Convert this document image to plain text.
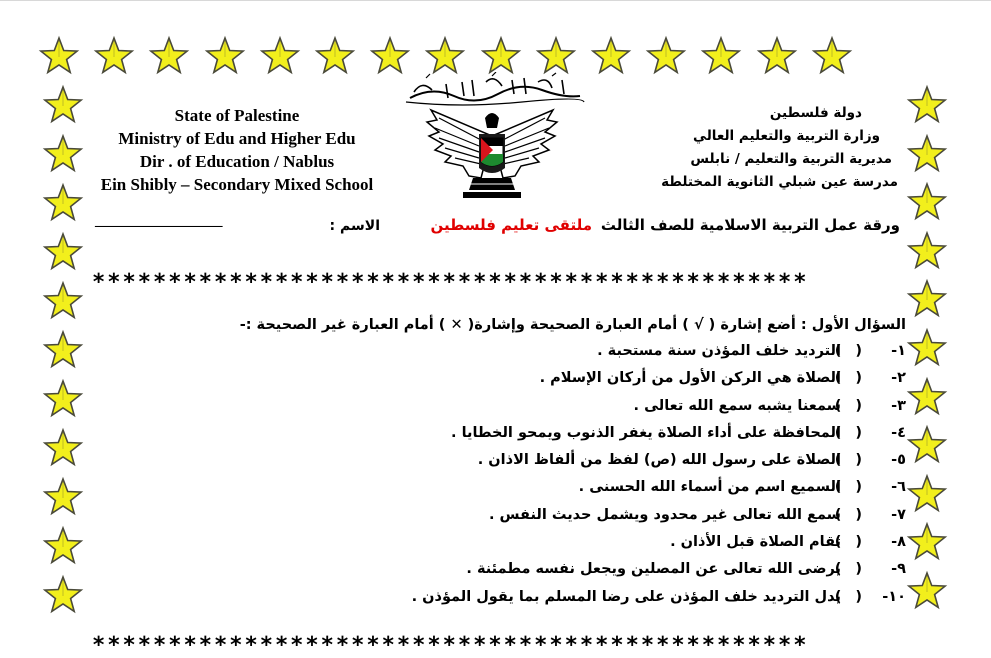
State of Palestine
Ministry of Edu and Higher Edu
Dir . of Education / Nablus
Ein Shibly – Secondary Mixed School
دولة فلسطين
وزارة التربية والتعليم العالي
مديرية التربية والتعليم / نابلس
مدرسة عين شبلي الثانوية المختلطة
ورقة عمل التربية الاسلامية للصف الثالث
ملتقى تعليم فلسطين
الاسم :
_________________
***********************************************
السؤال الأول : أضع إشارة ( √ ) أمام العبارة الصحيحة وإشارة( ✕ ) أمام العبارة غير الصحيحة :-
١-() الترديد خلف المؤذن سنة مستحبة .
٢-() الصلاة هي الركن الأول من أركان الإسلام .
٣-() سمعنا يشبه سمع الله تعالى .
٤-() المحافظة على أداء الصلاة يغفر الذنوب ويمحو الخطايا .
٥-() الصلاة على رسول الله (ص) لفظ من ألفاظ الاذان .
٦-() السميع اسم من أسماء الله الحسنى .
٧-() سمع الله تعالى غير محدود ويشمل حديث النفس .
٨-() تقام الصلاة قبل الأذان .
٩-() يرضى الله تعالى عن المصلين ويجعل نفسه مطمئنة .
١٠-() يدل الترديد خلف المؤذن على رضا المسلم بما يقول المؤذن .
***********************************************
